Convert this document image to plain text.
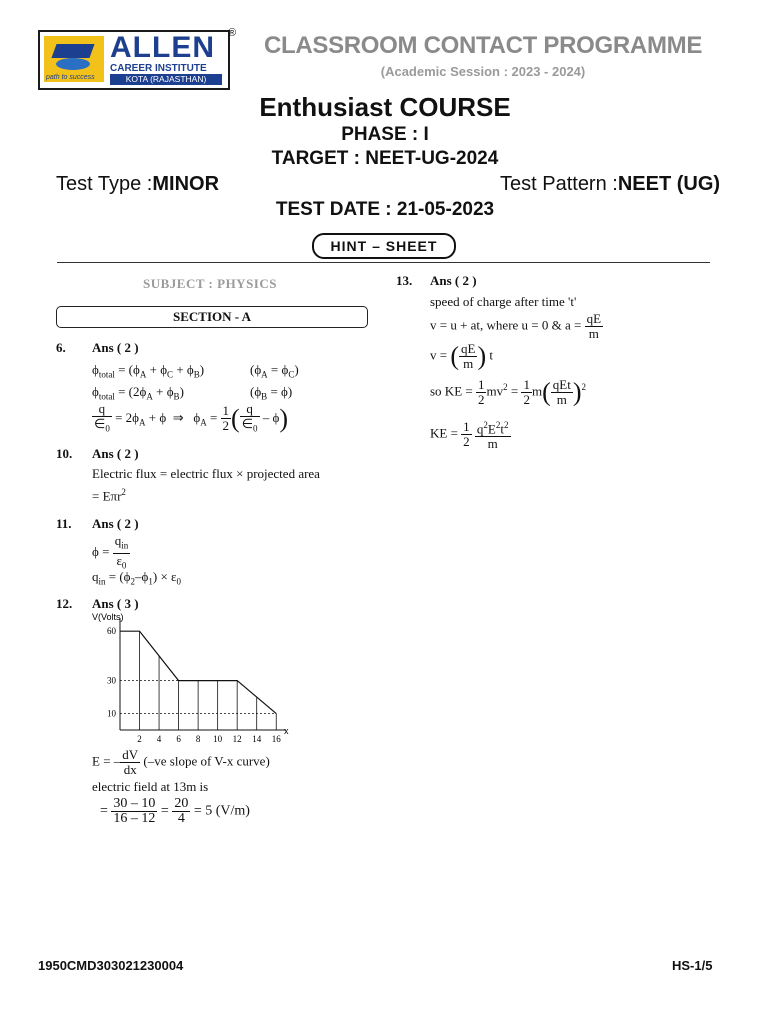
path to success
ALLEN
CAREER INSTITUTE
KOTA (RAJASTHAN)
®	CLASSROOM CONTACT PROGRAMME
(Academic Session : 2023 - 2024)
Enthusiast COURSE
PHASE : I
TARGET : NEET-UG-2024
Test Type :MINOR	Test Pattern :NEET (UG)
TEST DATE : 21-05-2023
HINT – SHEET
SUBJECT : PHYSICS
SECTION - A
6. Ans ( 2 )
$\phi_{total} = (\phi_A + \phi_C + \phi_B)$	$(\phi_A = \phi_C)$
$\phi_{total} = (2\phi_A + \phi_B)$	$(\phi_B = \phi)$
$\frac{q}{\in_0} = 2\phi_A + \phi$  ⇒   $\phi_A = \frac{1}{2}$ ( $\frac{q}{\in_0} - \phi$)
10. Ans ( 2 )
Electric flux = electric flux × projected area
= Eπr$^2$
11. Ans ( 2 )
$\phi = \frac{q_{in}}{\varepsilon_0}$
$q_{in} = (\phi_2-\phi_1) \times \varepsilon_0$
12. Ans ( 3 )
V(Volts)
x
10
30
60
2 4 6 8 10 12 14 16
E = – $\frac{dV}{dx} (-ve$ slope of V-x curve)
electric field at 13m is
= $\frac{30 - 10}{16 - 12} = \frac{20}{4} = 5$ (V/m)
13. Ans ( 2 )
speed of charge after time 't'
v = u + at, where u = 0 & $a = \frac{qE}{m}$
v = ( $\frac{qE}{m}$ ) t
so KE = $\frac{1}{2} mv^2 = \frac{1}{2} m( \frac{\text{qEt}}{m} )^2$
KE = $\frac{1}{2}$
$\frac{q^2E^2t^2}{m}$
1950CMD303021230004	HS-1/5
